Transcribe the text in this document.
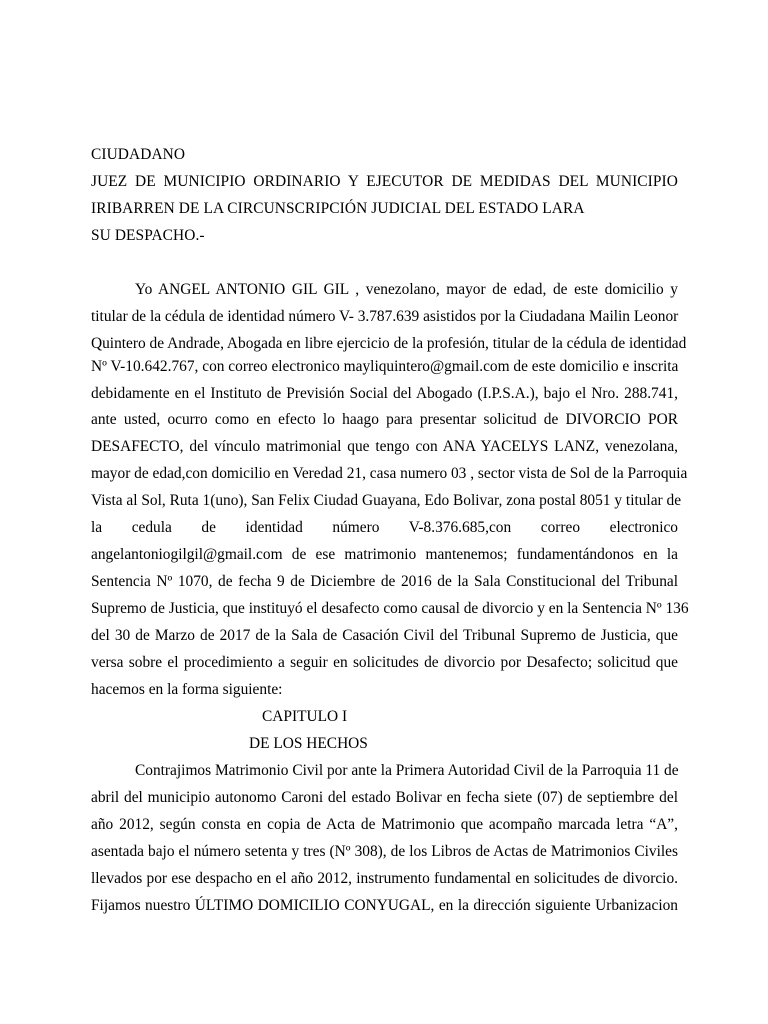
CIUDADANO
JUEZ DE MUNICIPIO ORDINARIO Y EJECUTOR DE MEDIDAS DEL MUNICIPIO
IRIBARREN DE LA CIRCUNSCRIPCIÓN JUDICIAL DEL ESTADO LARA
SU DESPACHO.-
Yo ANGEL ANTONIO GIL GIL , venezolano, mayor de edad, de este domicilio y
titular de la cédula de identidad número V- 3.787.639 asistidos por la Ciudadana Mailin Leonor
Quintero de Andrade, Abogada en libre ejercicio de la profesión, titular de la cédula de identidad
Nº V-10.642.767, con correo electronico mayliquintero@gmail.com de este domicilio e inscrita
debidamente en el Instituto de Previsión Social del Abogado (I.P.S.A.), bajo el Nro. 288.741,
ante usted, ocurro como en efecto lo haago para presentar solicitud de DIVORCIO POR
DESAFECTO, del vínculo matrimonial que tengo con ANA YACELYS LANZ, venezolana,
mayor de edad,con domicilio en Veredad 21, casa numero 03 , sector vista de Sol de la Parroquia
Vista al Sol, Ruta 1(uno), San Felix Ciudad Guayana, Edo Bolivar, zona postal 8051 y titular de
la cedula de identidad número V-8.376.685,con correo electronico
angelantoniogilgil@gmail.com de ese matrimonio mantenemos; fundamentándonos en la
Sentencia Nº 1070, de fecha 9 de Diciembre de 2016 de la Sala Constitucional del Tribunal
Supremo de Justicia, que instituyó el desafecto como causal de divorcio y en la Sentencia Nº 136
del 30 de Marzo de 2017 de la Sala de Casación Civil del Tribunal Supremo de Justicia, que
versa sobre el procedimiento a seguir en solicitudes de divorcio por Desafecto; solicitud que
hacemos en la forma siguiente:
CAPITULO I
DE LOS HECHOS
Contrajimos Matrimonio Civil por ante la Primera Autoridad Civil de la Parroquia 11 de
abril del municipio autonomo Caroni del estado Bolivar en fecha siete (07) de septiembre del
año 2012, según consta en copia de Acta de Matrimonio que acompaño marcada letra “A”,
asentada bajo el número setenta y tres (Nº 308), de los Libros de Actas de Matrimonios Civiles
llevados por ese despacho en el año 2012, instrumento fundamental en solicitudes de divorcio.
Fijamos nuestro ÚLTIMO DOMICILIO CONYUGAL, en la dirección siguiente Urbanizacion
